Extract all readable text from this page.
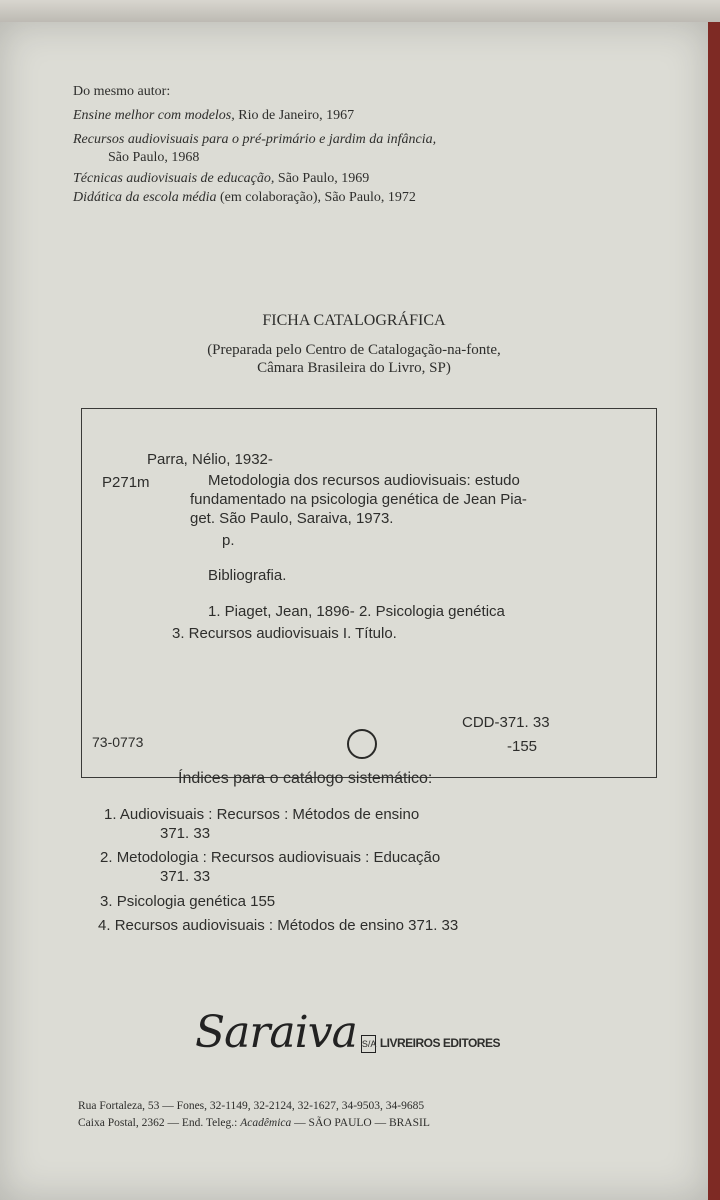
Do mesmo autor:
Ensine melhor com modelos, Rio de Janeiro, 1967
Recursos audiovisuais para o pré-primário e jardim da infância,
São Paulo, 1968
Técnicas audiovisuais de educação, São Paulo, 1969
Didática da escola média (em colaboração), São Paulo, 1972
FICHA CATALOGRÁFICA
(Preparada pelo Centro de Catalogação-na-fonte,
Câmara Brasileira do Livro, SP)
Parra, Nélio, 1932-
P271m	Metodologia dos recursos audiovisuais: estudo
fundamentado na psicologia genética de Jean Pia-
get. São Paulo, Saraiva, 1973.
p.
Bibliografia.
1. Piaget, Jean, 1896- 2. Psicologia genética
3. Recursos audiovisuais I. Título.
CDD-371. 33
-155
73-0773
Índices para o catálogo sistemático:
1. Audiovisuais : Recursos : Métodos de ensino
371. 33
2. Metodologia : Recursos audiovisuais : Educação
371. 33
3. Psicologia genética 155
4. Recursos audiovisuais : Métodos de ensino 371. 33
Saraiva S/A LIVREIROS EDITORES
Rua Fortaleza, 53 — Fones, 32-1149, 32-2124, 32-1627, 34-9503, 34-9685
Caixa Postal, 2362 — End. Teleg.: Acadêmica — SÃO PAULO — BRASIL
